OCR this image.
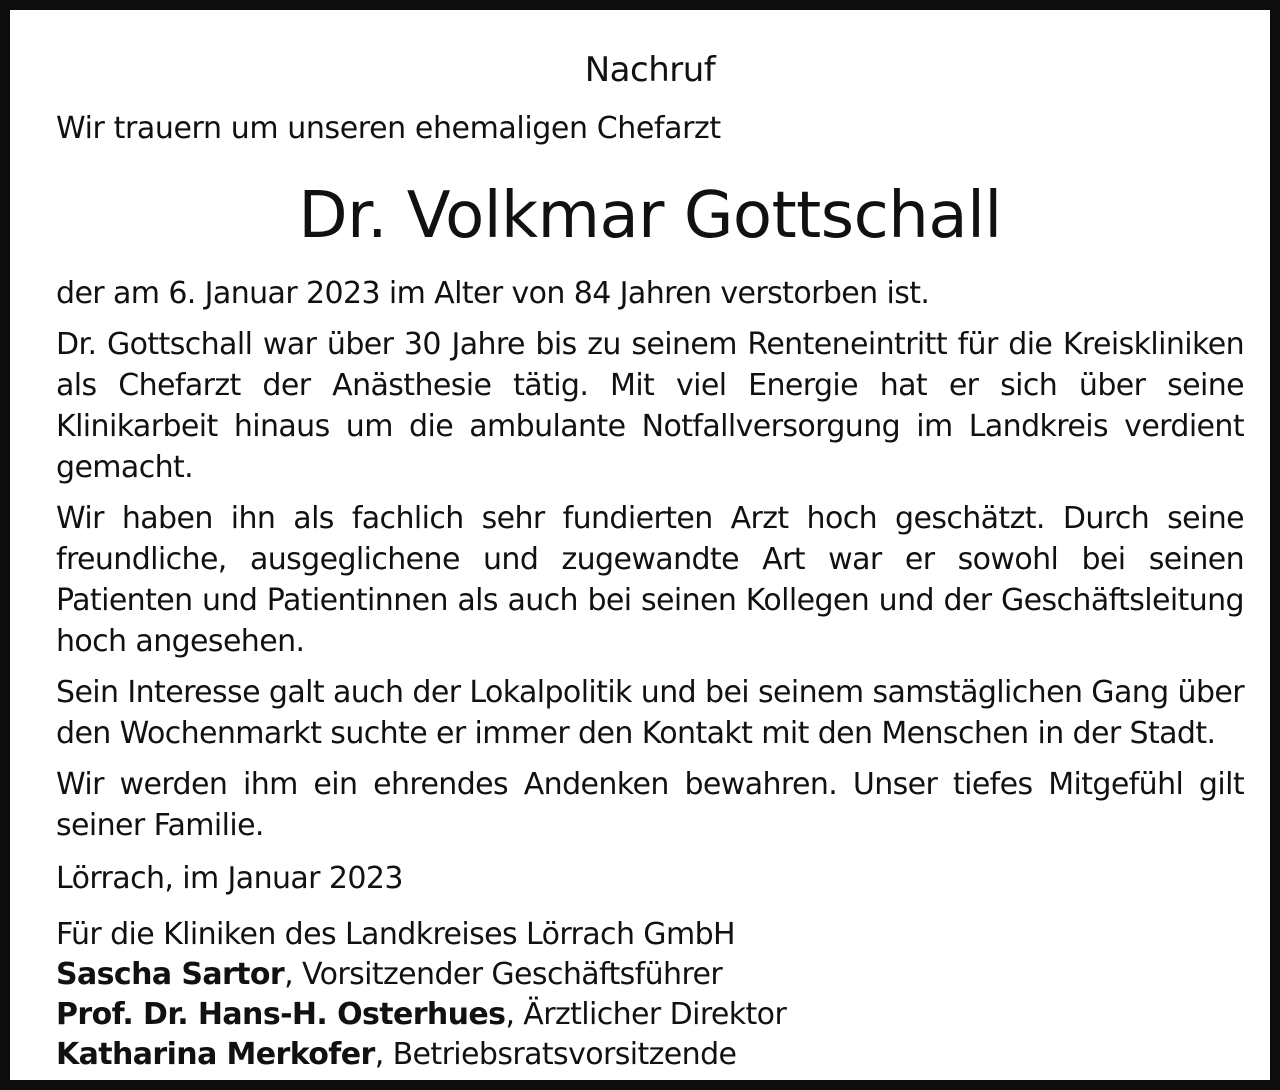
Nachruf
Wir trauern um unseren ehemaligen Chefarzt
Dr. Volkmar Gottschall

der am 6. Januar 2023 im Alter von 84 Jahren verstorben ist.

Dr. Gottschall war über 30 Jahre bis zu seinem Renteneintritt für die Kreiskliniken als Chefarzt der Anästhesie tätig. Mit viel Energie hat er sich über seine Klinikarbeit hinaus um die ambulante Notfallversorgung im Landkreis verdient gemacht.

Wir haben ihn als fachlich sehr fundierten Arzt hoch geschätzt. Durch seine freundliche, ausgeglichene und zugewandte Art war er sowohl bei seinen Patienten und Patientinnen als auch bei seinen Kollegen und der Geschäftsleitung hoch angesehen.

Sein Interesse galt auch der Lokalpolitik und bei seinem samstäglichen Gang über den Wochenmarkt suchte er immer den Kontakt mit den Menschen in der Stadt.

Wir werden ihm ein ehrendes Andenken bewahren. Unser tiefes Mitgefühl gilt seiner Familie.

Lörrach, im Januar 2023
Für die Kliniken des Landkreises Lörrach GmbH
Sascha Sartor, Vorsitzender Geschäftsführer
Prof. Dr. Hans-H. Osterhues, Ärztlicher Direktor
Katharina Merkofer, Betriebsratsvorsitzende
